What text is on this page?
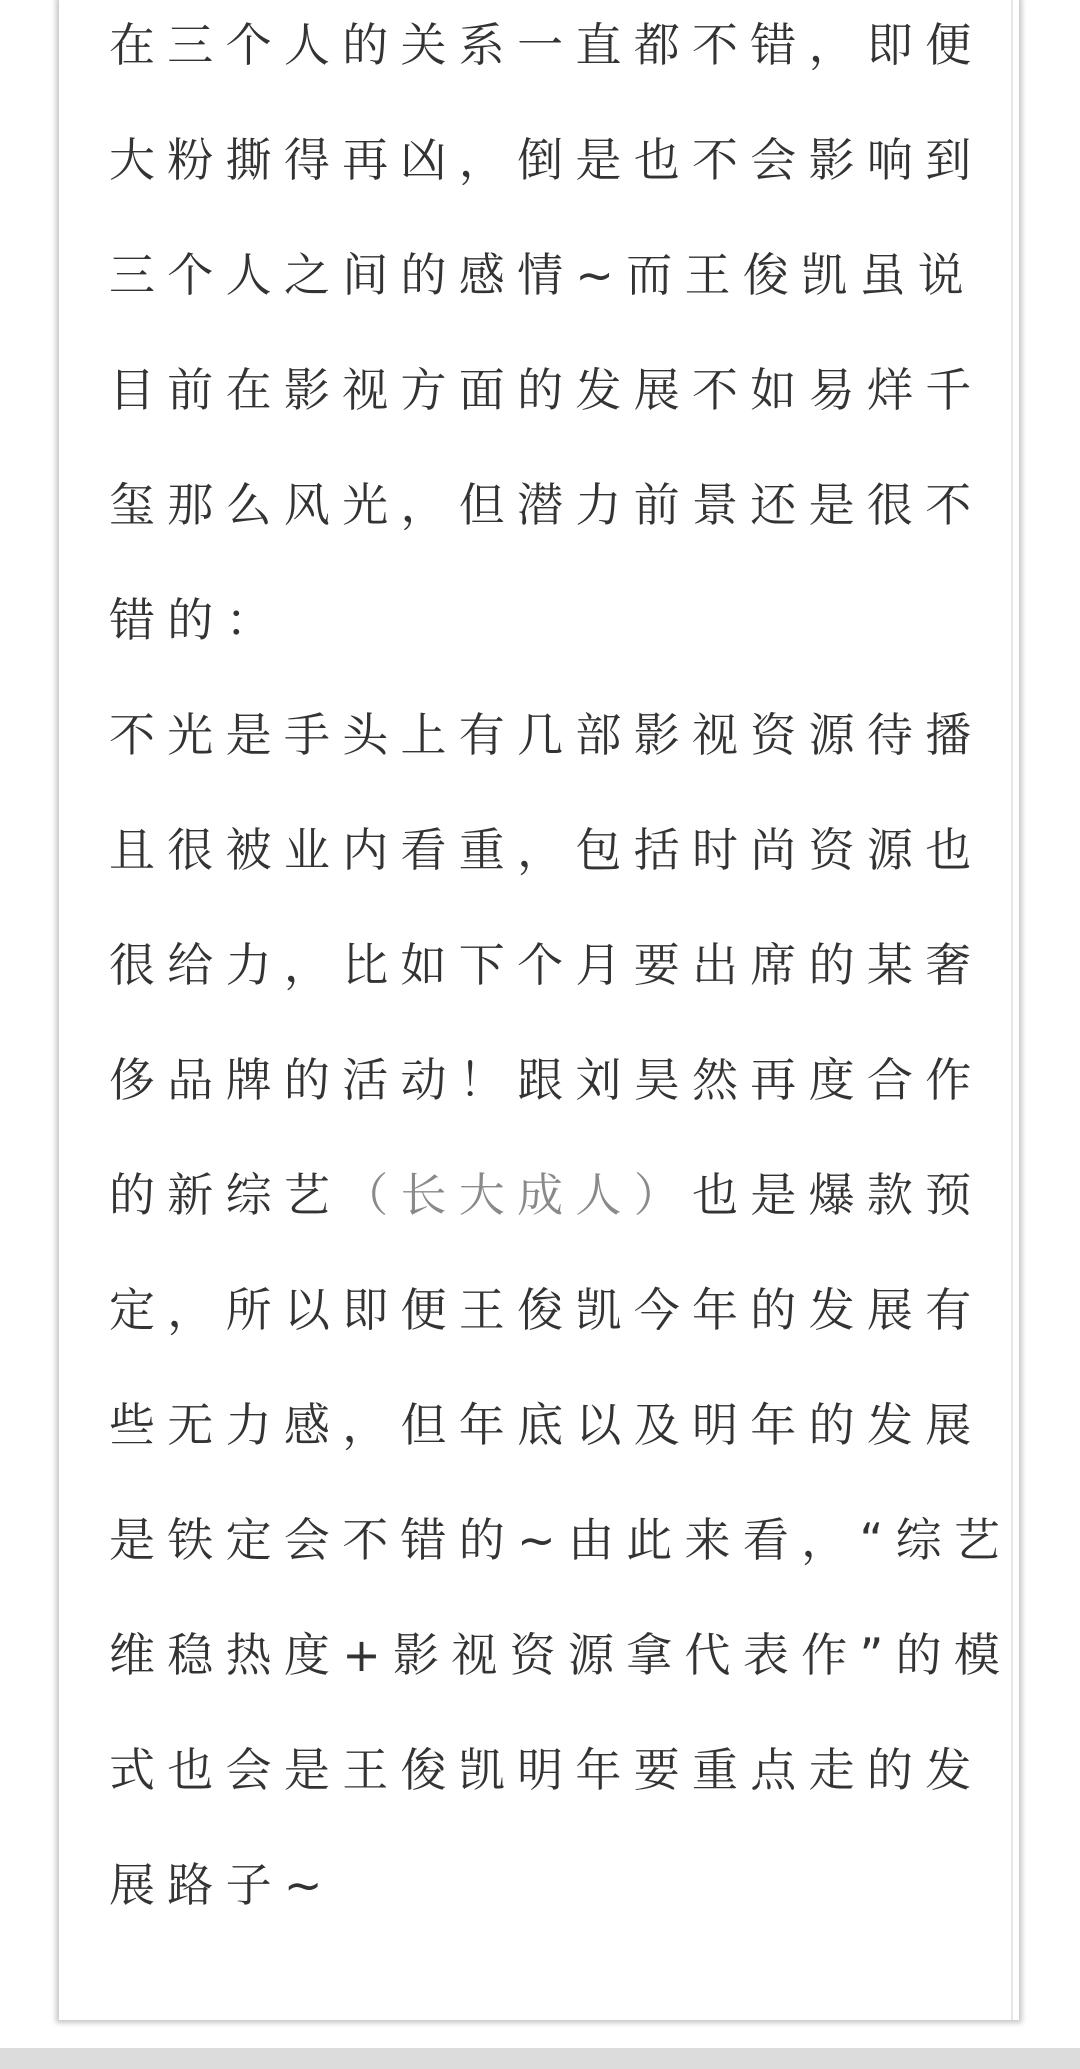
在三个人的关系一直都不错，即便
大粉撕得再凶，倒是也不会影响到
三个人之间的感情~而王俊凯虽说
目前在影视方面的发展不如易烊千
玺那么风光，但潜力前景还是很不
错的：
不光是手头上有几部影视资源待播
且很被业内看重，包括时尚资源也
很给力，比如下个月要出席的某奢
侈品牌的活动！跟刘昊然再度合作
的新综艺（长大成人）也是爆款预
定，所以即便王俊凯今年的发展有
些无力感，但年底以及明年的发展
是铁定会不错的~由此来看，“综艺
维稳热度+影视资源拿代表作”的模
式也会是王俊凯明年要重点走的发
展路子~
